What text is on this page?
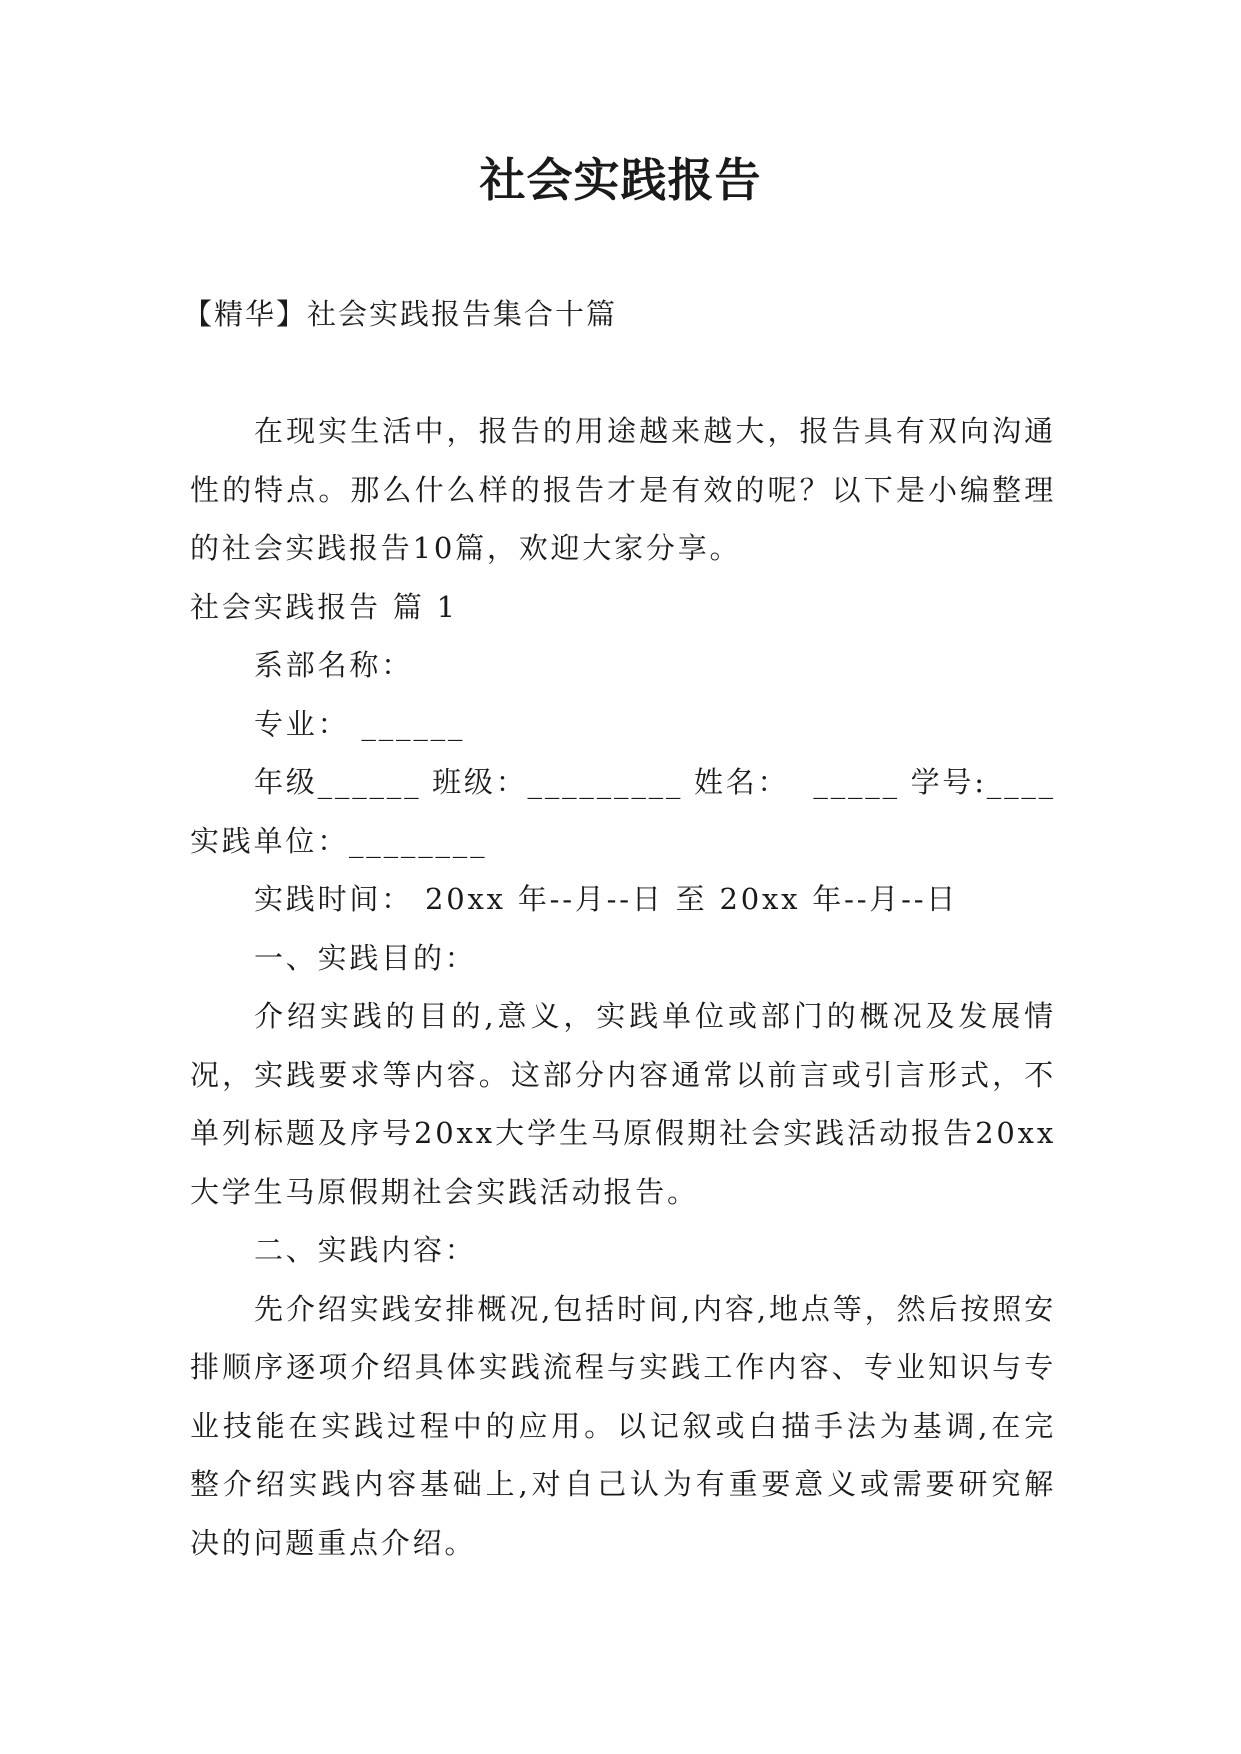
社会实践报告
【精华】社会实践报告集合十篇

在现实生活中，报告的用途越来越大，报告具有双向沟通性的特点。那么什么样的报告才是有效的呢？以下是小编整理的社会实践报告10篇，欢迎大家分享。

社会实践报告 篇 1

系部名称：

专业： ______

年级______ 班级：_________ 姓名：  _____ 学号:____

实践单位：________

实践时间： 20xx 年--月--日 至 20xx 年--月--日

一、实践目的：

介绍实践的目的,意义，实践单位或部门的概况及发展情况，实践要求等内容。这部分内容通常以前言或引言形式，不单列标题及序号20xx大学生马原假期社会实践活动报告20xx大学生马原假期社会实践活动报告。

二、实践内容：

先介绍实践安排概况,包括时间,内容,地点等，然后按照安排顺序逐项介绍具体实践流程与实践工作内容、专业知识与专业技能在实践过程中的应用。以记叙或白描手法为基调,在完整介绍实践内容基础上,对自己认为有重要意义或需要研究解决的问题重点介绍。
